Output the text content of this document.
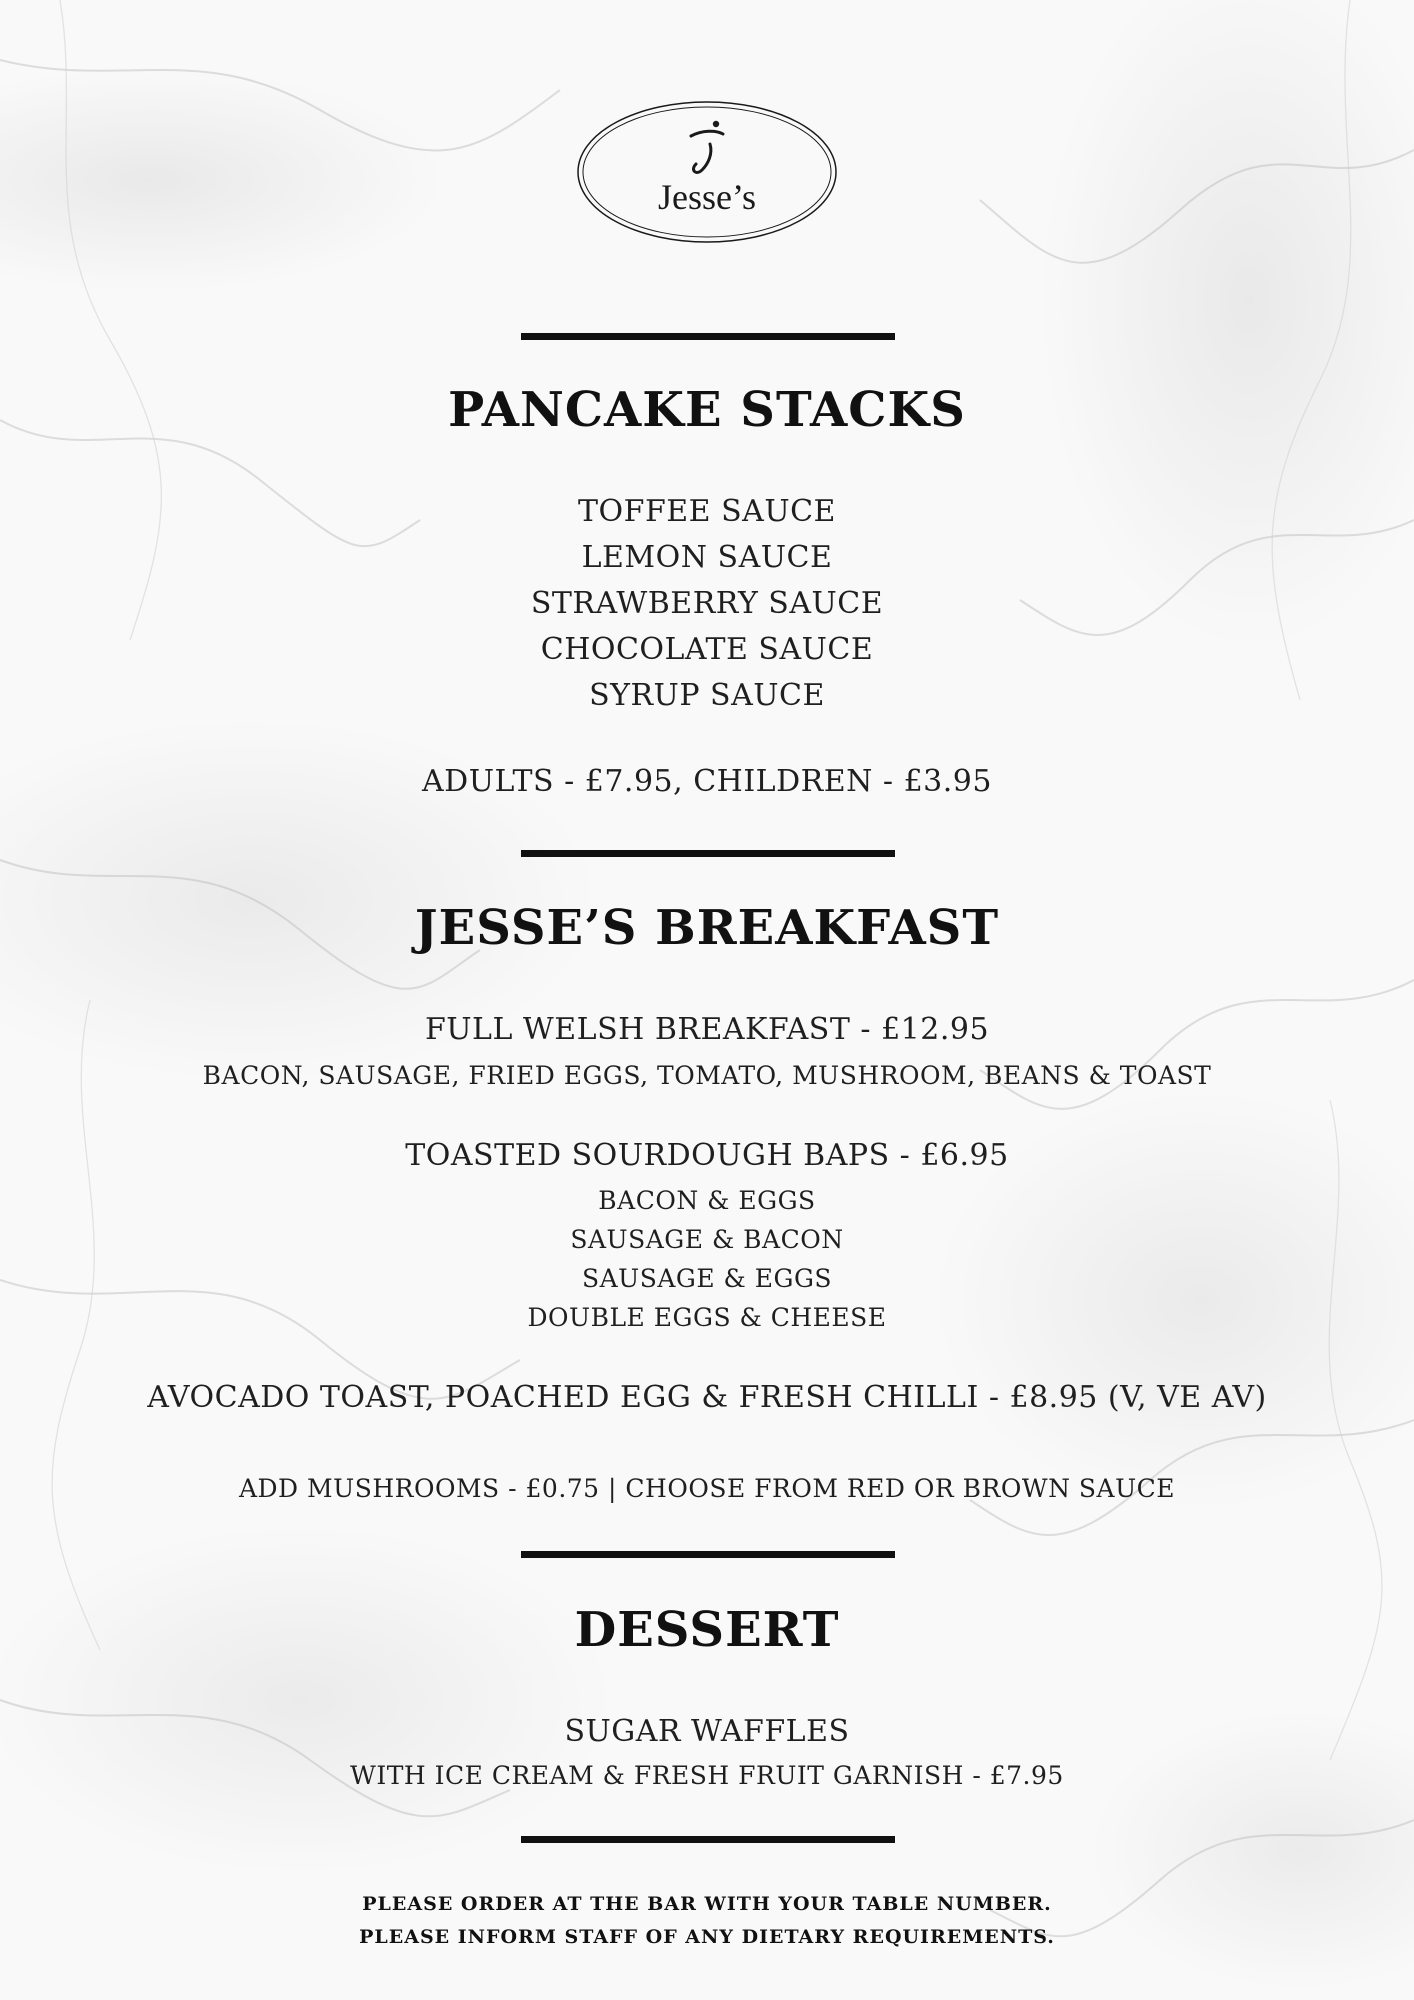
Jesse’s
PANCAKE STACKS
TOFFEE SAUCE
LEMON SAUCE
STRAWBERRY SAUCE
CHOCOLATE SAUCE
SYRUP SAUCE
ADULTS - £7.95, CHILDREN - £3.95
JESSE’S BREAKFAST
FULL WELSH BREAKFAST - £12.95
BACON, SAUSAGE, FRIED EGGS, TOMATO, MUSHROOM, BEANS & TOAST
TOASTED SOURDOUGH BAPS - £6.95
BACON & EGGS
SAUSAGE & BACON
SAUSAGE & EGGS
DOUBLE EGGS & CHEESE
AVOCADO TOAST, POACHED EGG & FRESH CHILLI - £8.95 (V, VE AV)
ADD MUSHROOMS - £0.75 | CHOOSE FROM RED OR BROWN SAUCE
DESSERT
SUGAR WAFFLES
WITH ICE CREAM & FRESH FRUIT GARNISH - £7.95
PLEASE ORDER AT THE BAR WITH YOUR TABLE NUMBER.
PLEASE INFORM STAFF OF ANY DIETARY REQUIREMENTS.
